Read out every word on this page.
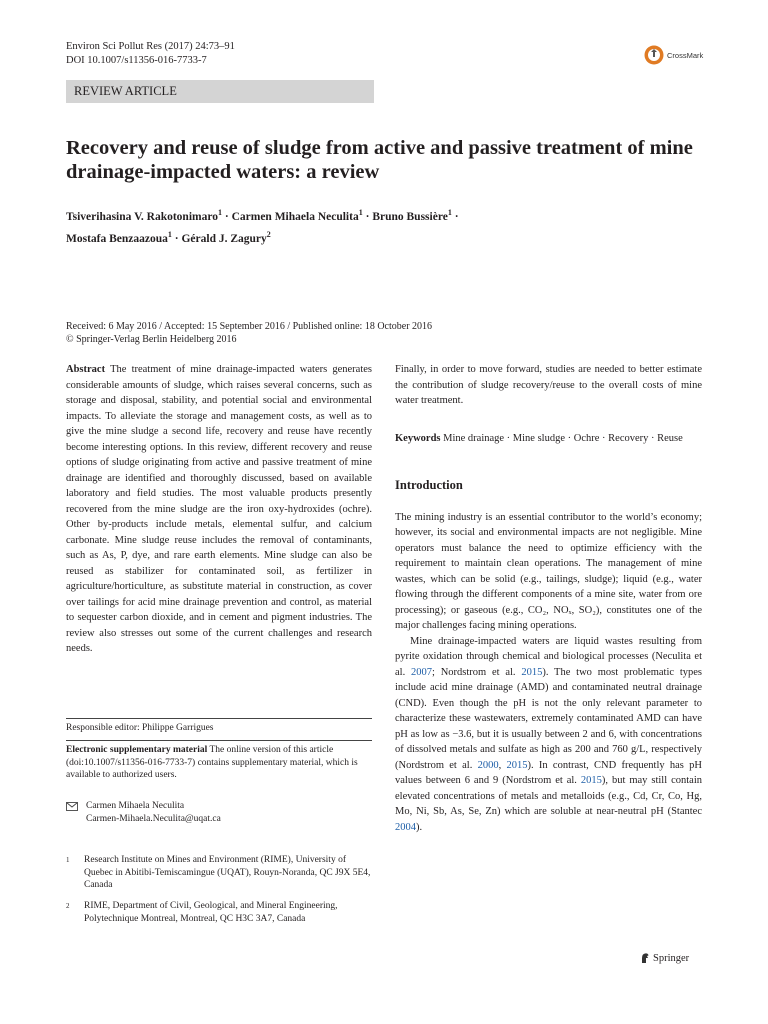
Environ Sci Pollut Res (2017) 24:73–91
DOI 10.1007/s11356-016-7733-7	CrossMark
REVIEW ARTICLE
Recovery and reuse of sludge from active and passive treatment of mine drainage-impacted waters: a review
Tsiverihasina V. Rakotonimaro$^1$ · Carmen Mihaela Neculita$^1$ · Bruno Bussière$^1$ ·
Mostafa Benzaazoua$^1$ · Gérald J. Zagury$^2$
Received: 6 May 2016 / Accepted: 15 September 2016 / Published online: 18 October 2016
© Springer-Verlag Berlin Heidelberg 2016

Abstract The treatment of mine drainage-impacted waters generates considerable amounts of sludge, which raises several concerns, such as storage and disposal, stability, and potential social and environmental impacts. To alleviate the storage and management costs, as well as to give the mine sludge a second life, recovery and reuse have recently become interesting options. In this review, different recovery and reuse options of sludge originating from active and passive treatment of mine drainage are identified and thoroughly discussed, based on available laboratory and field studies. The most valuable products presently recovered from the mine sludge are the iron oxy-hydroxides (ochre). Other by-products include metals, elemental sulfur, and calcium carbonate. Mine sludge reuse includes the removal of contaminants, such as As, P, dye, and rare earth elements. Mine sludge can also be reused as stabilizer for contaminated soil, as fertilizer in agriculture/horticulture, as substitute material in construction, as cover over tailings for acid mine drainage prevention and control, as material to sequester carbon dioxide, and in cement and pigment industries. The review also stresses out some of the current challenges and research needs.

Responsible editor: Philippe Garrigues
Electronic supplementary material The online version of this article (doi:10.1007/s11356-016-7733-7) contains supplementary material, which is available to authorized users.
Carmen Mihaela Neculita
Carmen-Mihaela.Neculita@uqat.ca
1	Research Institute on Mines and Environment (RIME), University of Quebec in Abitibi-Temiscamingue (UQAT), Rouyn-Noranda, QC J9X 5E4, Canada
2	RIME, Department of Civil, Geological, and Mineral Engineering, Polytechnique Montreal, Montreal, QC H3C 3A7, Canada

Finally, in order to move forward, studies are needed to better estimate the contribution of sludge recovery/reuse to the overall costs of mine water treatment.

Keywords Mine drainage · Mine sludge · Ochre · Recovery · Reuse

Introduction

The mining industry is an essential contributor to the world’s economy; however, its social and environmental impacts are not negligible. Mine operators must balance the need to optimize efficiency with the requirement to maintain clean operations. The management of mine wastes, which can be solid (e.g., tailings, sludge); liquid (e.g., water flowing through the different components of a mine site, water from ore processing); or gaseous (e.g., CO₂, NOₓ, SO₂), constitutes one of the major challenges facing mining operations.

Mine drainage-impacted waters are liquid wastes resulting from pyrite oxidation through chemical and biological processes (Neculita et al. 2007; Nordstrom et al. 2015). The two most problematic types include acid mine drainage (AMD) and contaminated neutral drainage (CND). Even though the pH is not the only relevant parameter to characterize these wastewaters, extremely contaminated AMD can have pH as low as −3.6, but it is usually between 2 and 6, with concentrations of dissolved metals and sulfate as high as 200 and 760 g/L, respectively (Nordstrom et al. 2000, 2015). In contrast, CND frequently has pH values between 6 and 9 (Nordstrom et al. 2015), but may still contain elevated concentrations of metals and metalloids (e.g., Cd, Cr, Co, Hg, Mo, Ni, Sb, As, Se, Zn) which are soluble at near-neutral pH (Stantec 2004).

Springer
